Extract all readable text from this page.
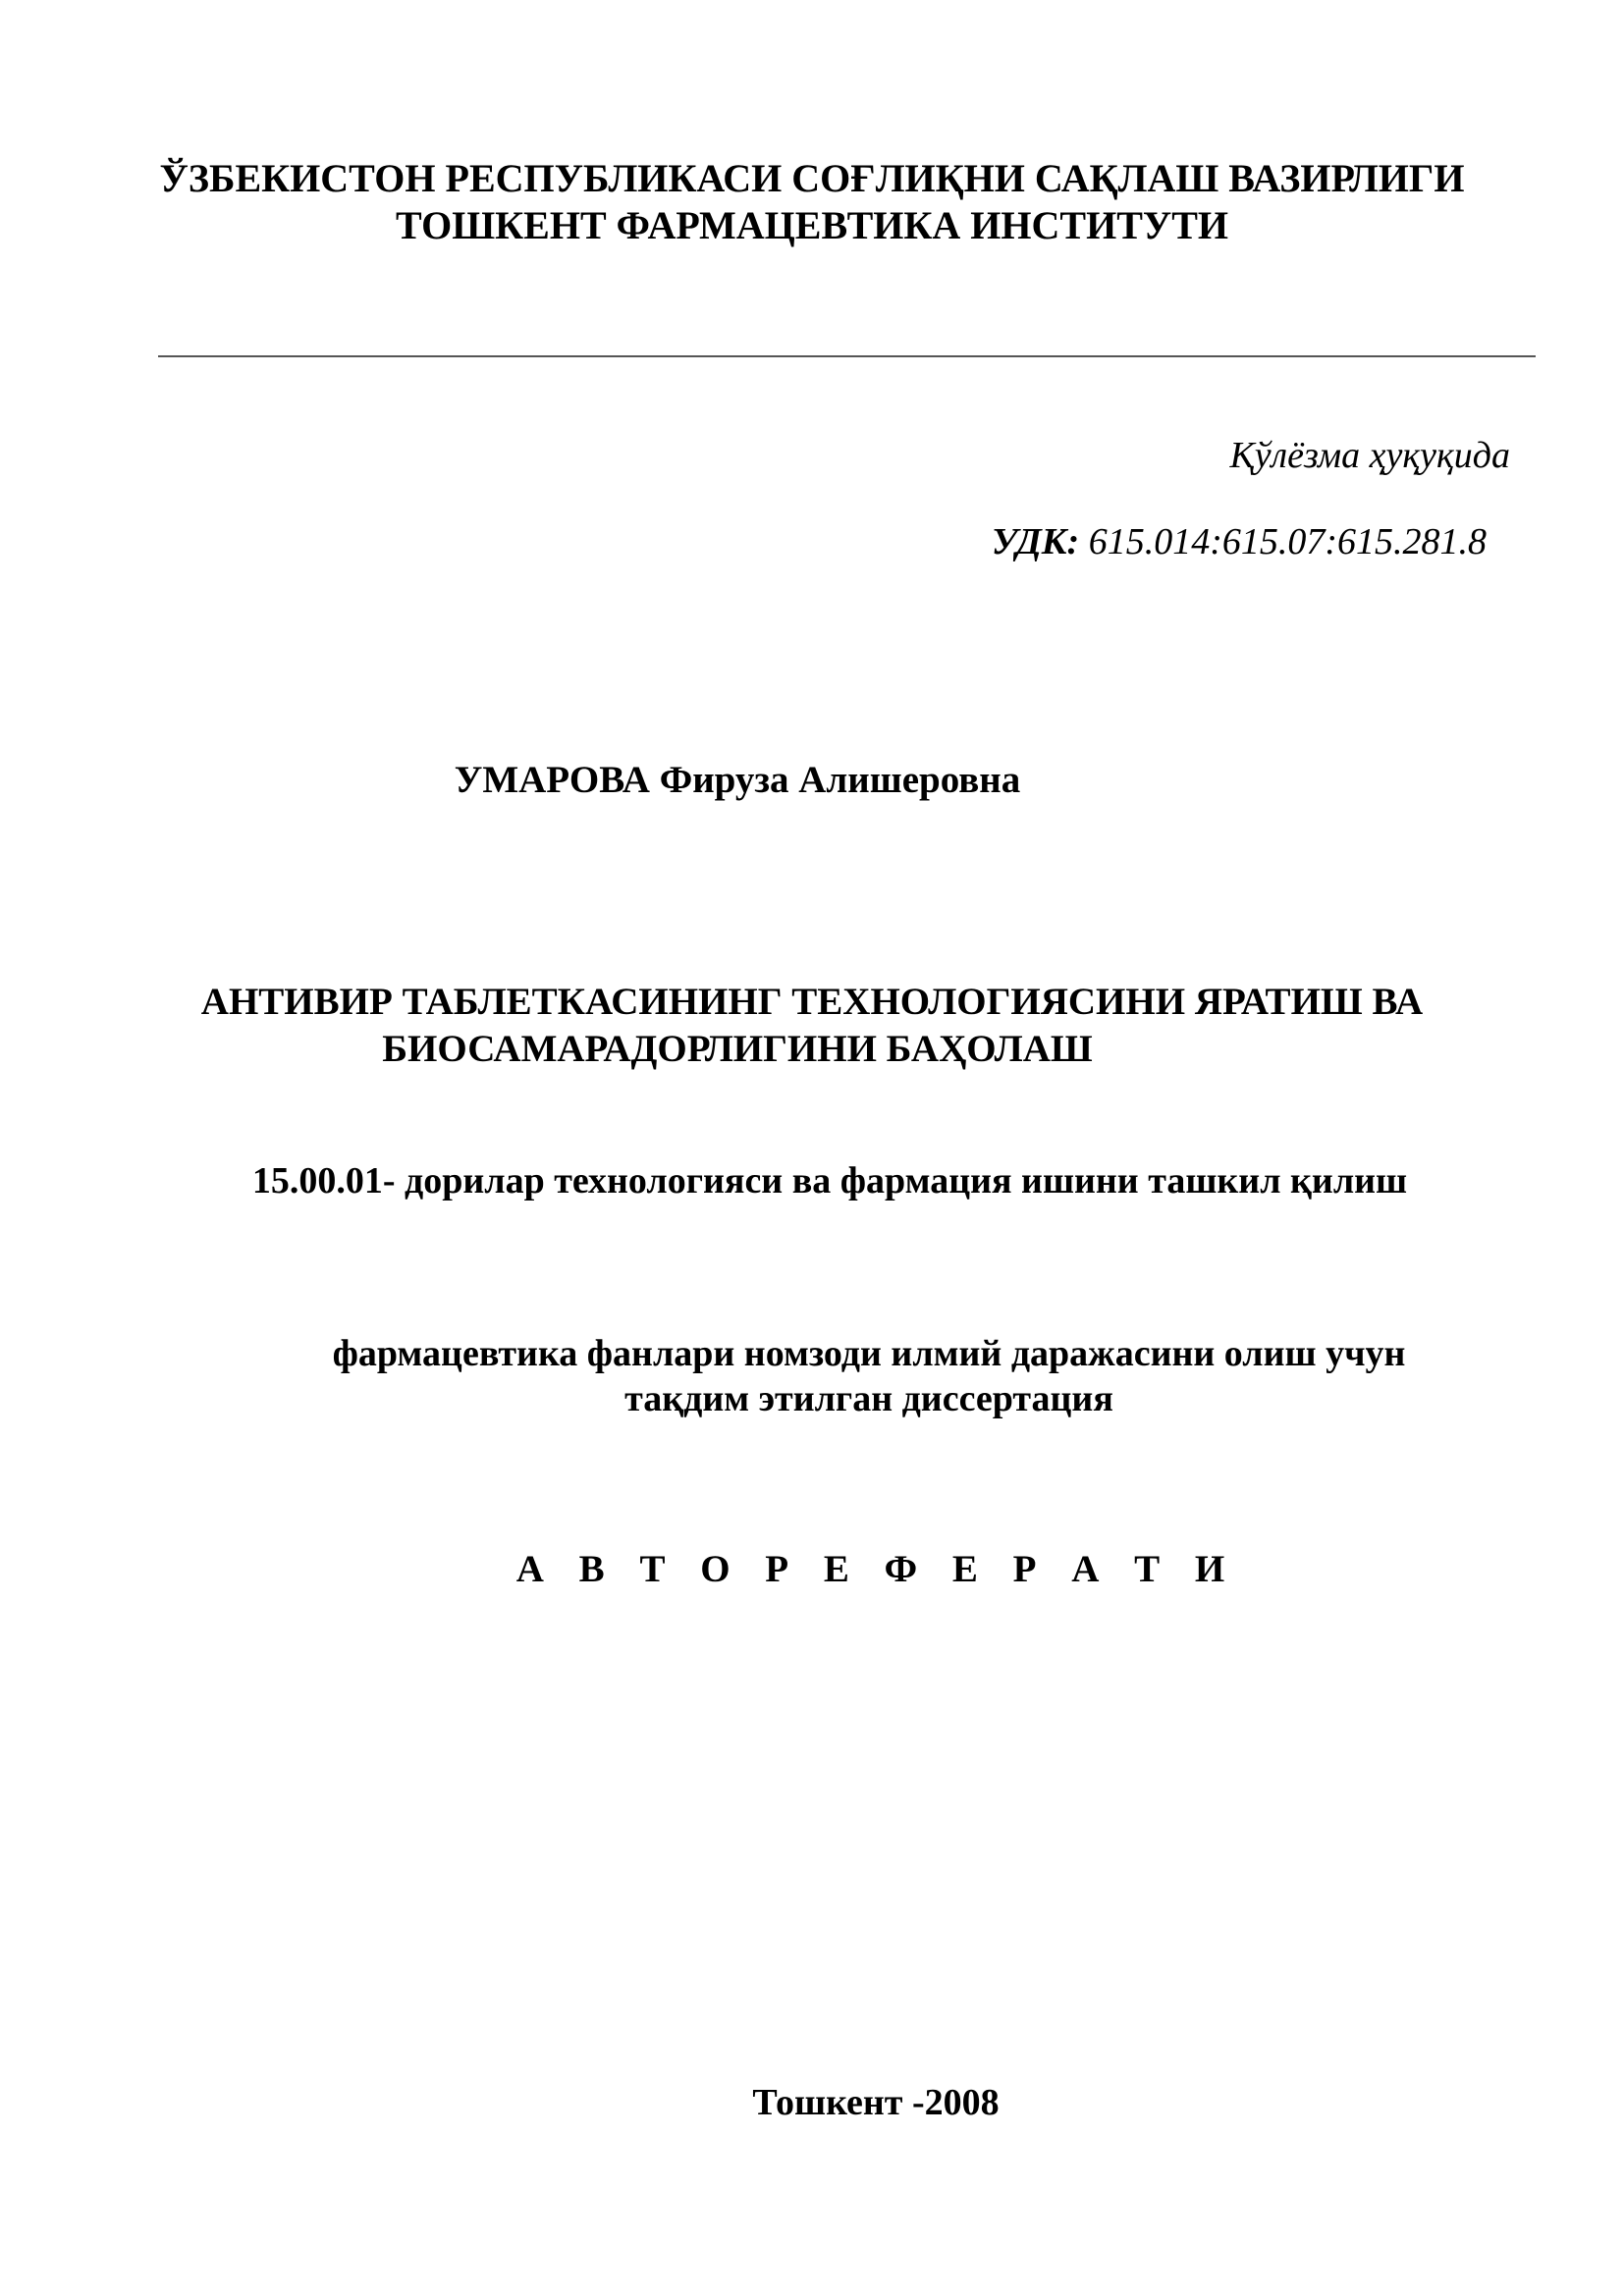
ЎЗБЕКИСТОН РЕСПУБЛИКАСИ СОҒЛИҚНИ САҚЛАШ ВАЗИРЛИГИ

ТОШКЕНТ ФАРМАЦЕВТИКА ИНСТИТУТИ

Қўлёзма ҳуқуқида

УДК: 615.014:615.07:615.281.8

УМАРОВА Фируза Алишеровна

АНТИВИР ТАБЛЕТКАСИНИНГ ТЕХНОЛОГИЯСИНИ ЯРАТИШ ВА

БИОСАМАРАДОРЛИГИНИ БАҲОЛАШ

15.00.01- дорилар технологияси ва фармация ишини ташкил қилиш

фармацевтика фанлари номзоди илмий даражасини олиш учун

тақдим этилган диссертация

А В Т О Р Е Ф Е Р А Т И

Тошкент -2008
